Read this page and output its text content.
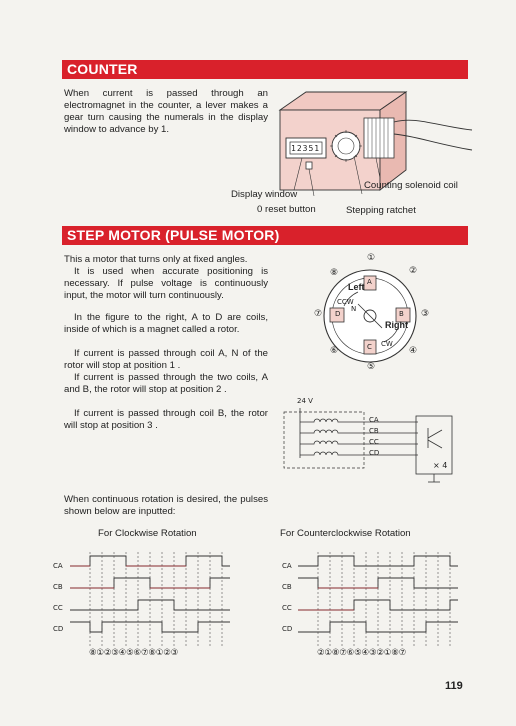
COUNTER
When current is passed through an electromagnet in the counter, a lever makes a gear turn causing the numerals in the display window to advance by 1.
12351
Display window
0 reset button
Counting solenoid coil
Stepping ratchet
STEP MOTOR (PULSE MOTOR)
This a motor that turns only at fixed angles.
It is used when accurate positioning is necessary. If pulse voltage is continuously input, the motor will turn continuously.
In the figure to the right, A to D are coils, inside of which is a magnet called a rotor.
If current is passed through coil A, N of the rotor will stop at position 1 .
If current is passed through the two coils, A and B, the rotor will stop at position 2 .
If current is passed through coil B, the rotor will stop at position 3 .
①
②
③
④
⑤
⑥
⑦
⑧
A
B
C
D
Left
CCW
Right
CW
N
24 V
CA
CB
CC
CD
× 4
When continuous rotation is desired, the pulses shown below are inputted:
For Clockwise Rotation	For Counterclockwise Rotation
CA
CB
CC
CD
⑧①②③④⑤⑥⑦⑧①②③
CA
CB
CC
CD
②①⑧⑦⑥⑤④③②①⑧⑦
119
